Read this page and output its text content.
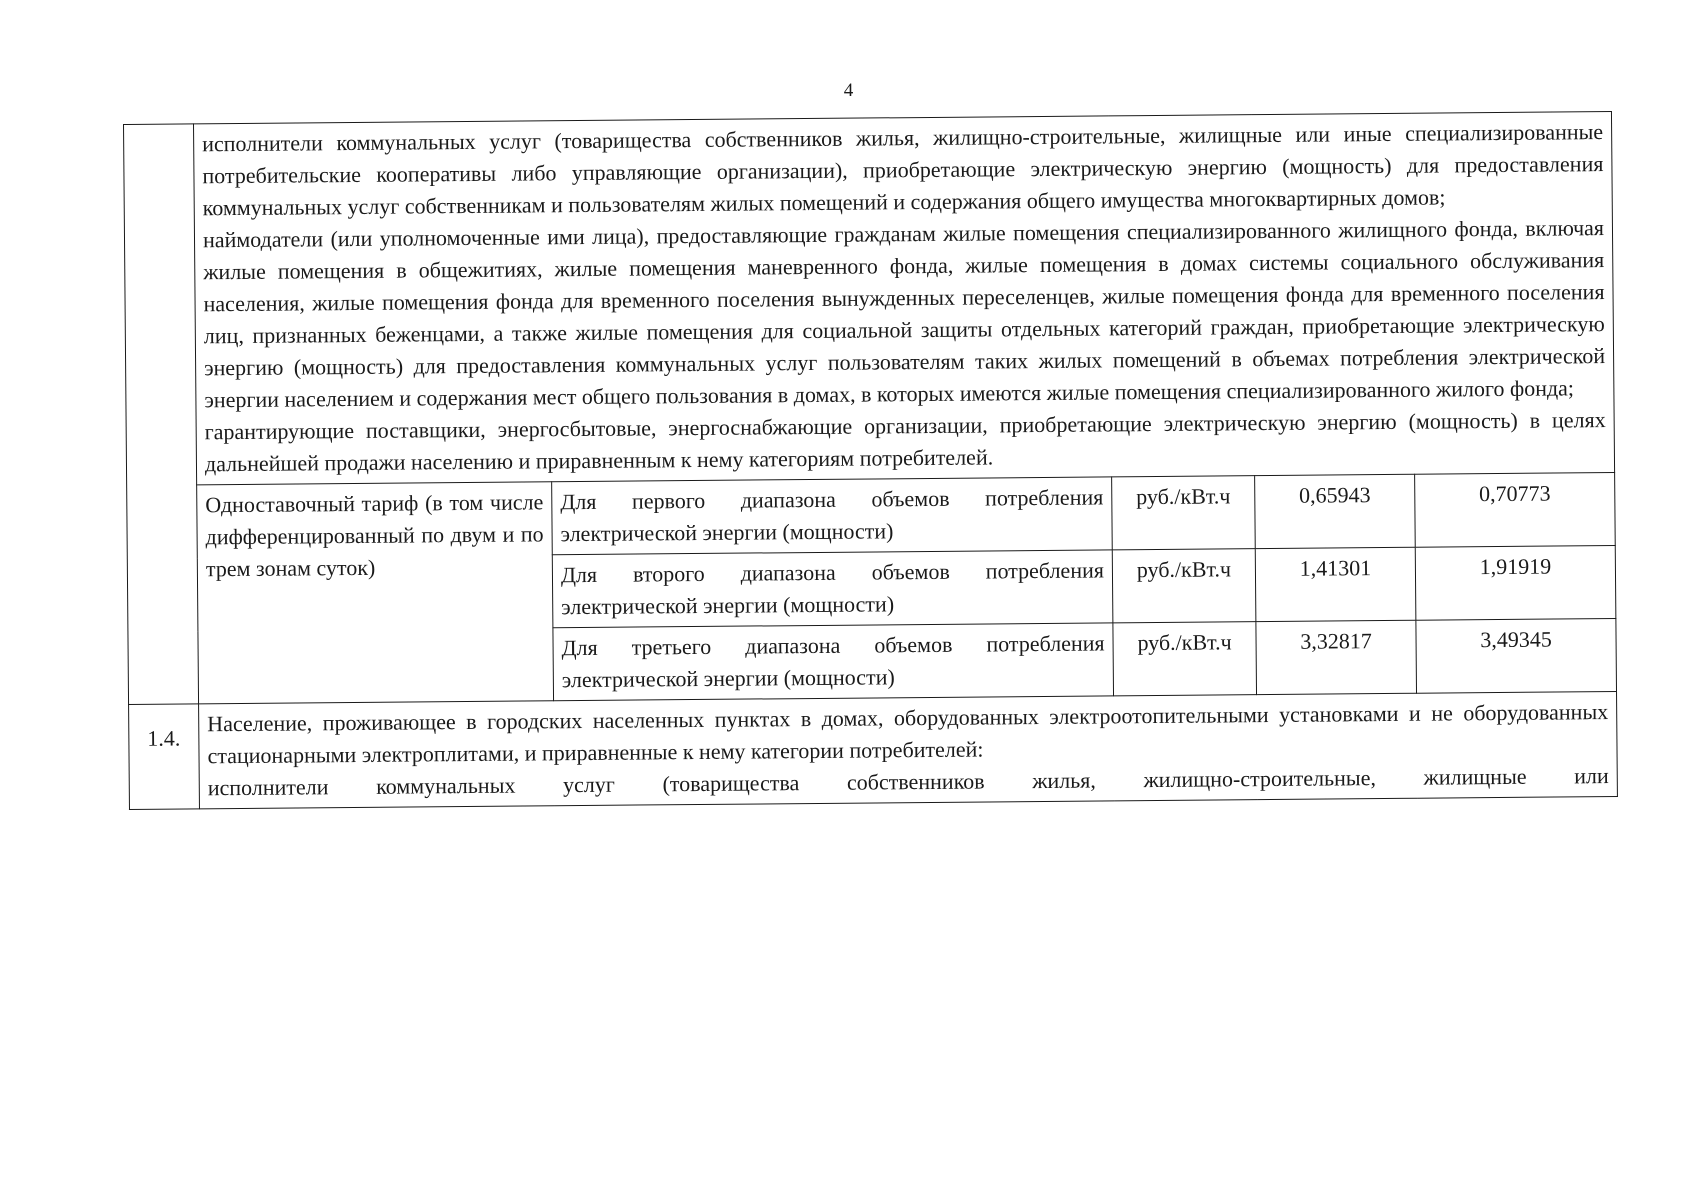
4

	исполнители коммунальных услуг (товарищества собственников жилья, жилищно-строительные, жилищные или иные специализированные потребительские кооперативы либо управляющие организации), приобретающие электрическую энергию (мощность) для предоставления коммунальных услуг собственникам и пользователям жилых помещений и содержания общего имущества многоквартирных домов;
наймодатели (или уполномоченные ими лица), предоставляющие гражданам жилые помещения специализированного жилищного фонда, включая жилые помещения в общежитиях, жилые помещения маневренного фонда, жилые помещения в домах системы социального обслуживания населения, жилые помещения фонда для временного поселения вынужденных переселенцев, жилые помещения фонда для временного поселения лиц, признанных беженцами, а также жилые помещения для социальной защиты отдельных категорий граждан, приобретающие электрическую энергию (мощность) для предоставления коммунальных услуг пользователям таких жилых помещений в объемах потребления электрической энергии населением и содержания мест общего пользования в домах, в которых имеются жилые помещения специализированного жилого фонда;
гарантирующие поставщики, энергосбытовые, энергоснабжающие организации, приобретающие электрическую энергию (мощность) в целях дальнейшей продажи населению и приравненным к нему категориям потребителей.				

	Одноставочный тариф (в том числе дифференцированный по двум и по трем зонам суток)	Для первого диапазона объемов потребления электрической энергии (мощности)	руб./кВт.ч	0,65943	0,70773
		Для второго диапазона объемов потребления электрической энергии (мощности)	руб./кВт.ч	1,41301	1,91919
		Для третьего диапазона объемов потребления электрической энергии (мощности)	руб./кВт.ч	3,32817	3,49345
1.4.	Население, проживающее в городских населенных пунктах в домах, оборудованных электроотопительными установками и не оборудованных стационарными электроплитами, и приравненные к нему категории потребителей:
исполнители коммунальных услуг (товарищества собственников жилья, жилищно-строительные, жилищные или				
